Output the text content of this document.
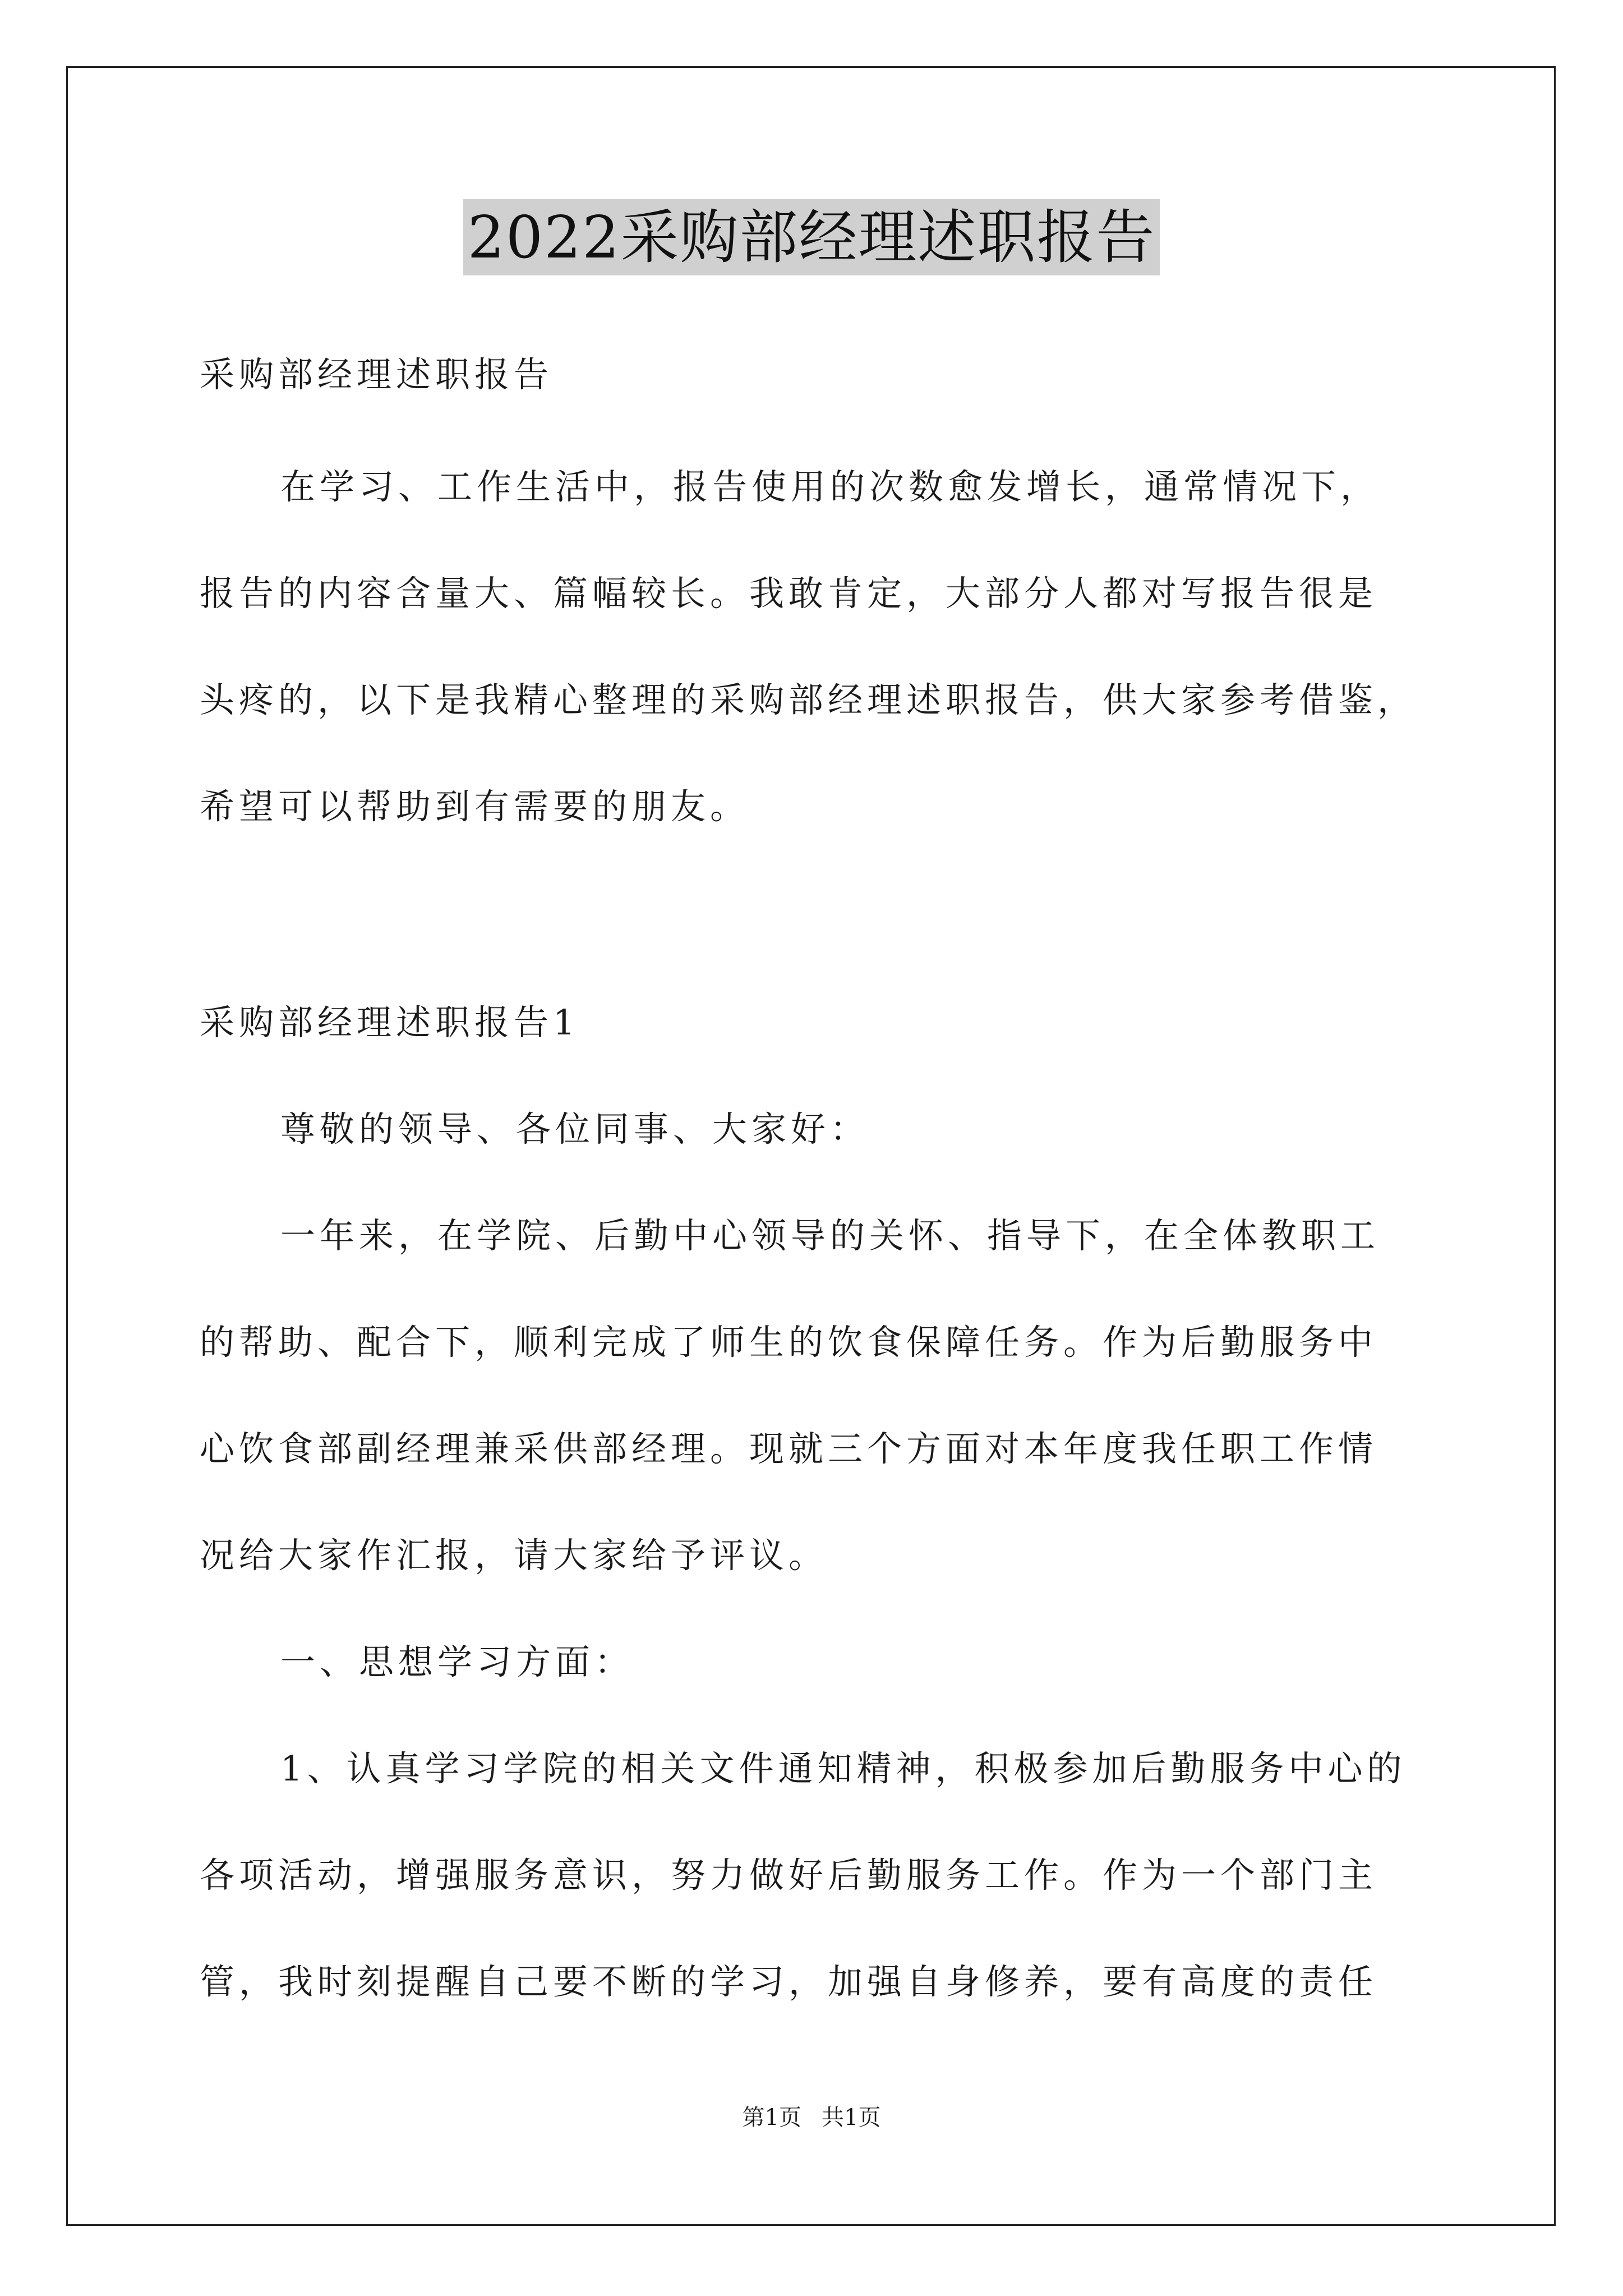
2022采购部经理述职报告
采购部经理述职报告
在学习、工作生活中，报告使用的次数愈发增长，通常情况下，
报告的内容含量大、篇幅较长。我敢肯定，大部分人都对写报告很是
头疼的，以下是我精心整理的采购部经理述职报告，供大家参考借鉴，
希望可以帮助到有需要的朋友。
采购部经理述职报告1
尊敬的领导、各位同事、大家好：
一年来，在学院、后勤中心领导的关怀、指导下，在全体教职工
的帮助、配合下，顺利完成了师生的饮食保障任务。作为后勤服务中
心饮食部副经理兼采供部经理。现就三个方面对本年度我任职工作情
况给大家作汇报，请大家给予评议。
一、思想学习方面：
1、认真学习学院的相关文件通知精神，积极参加后勤服务中心的
各项活动，增强服务意识，努力做好后勤服务工作。作为一个部门主
管，我时刻提醒自己要不断的学习，加强自身修养，要有高度的责任
第1页 共1页
